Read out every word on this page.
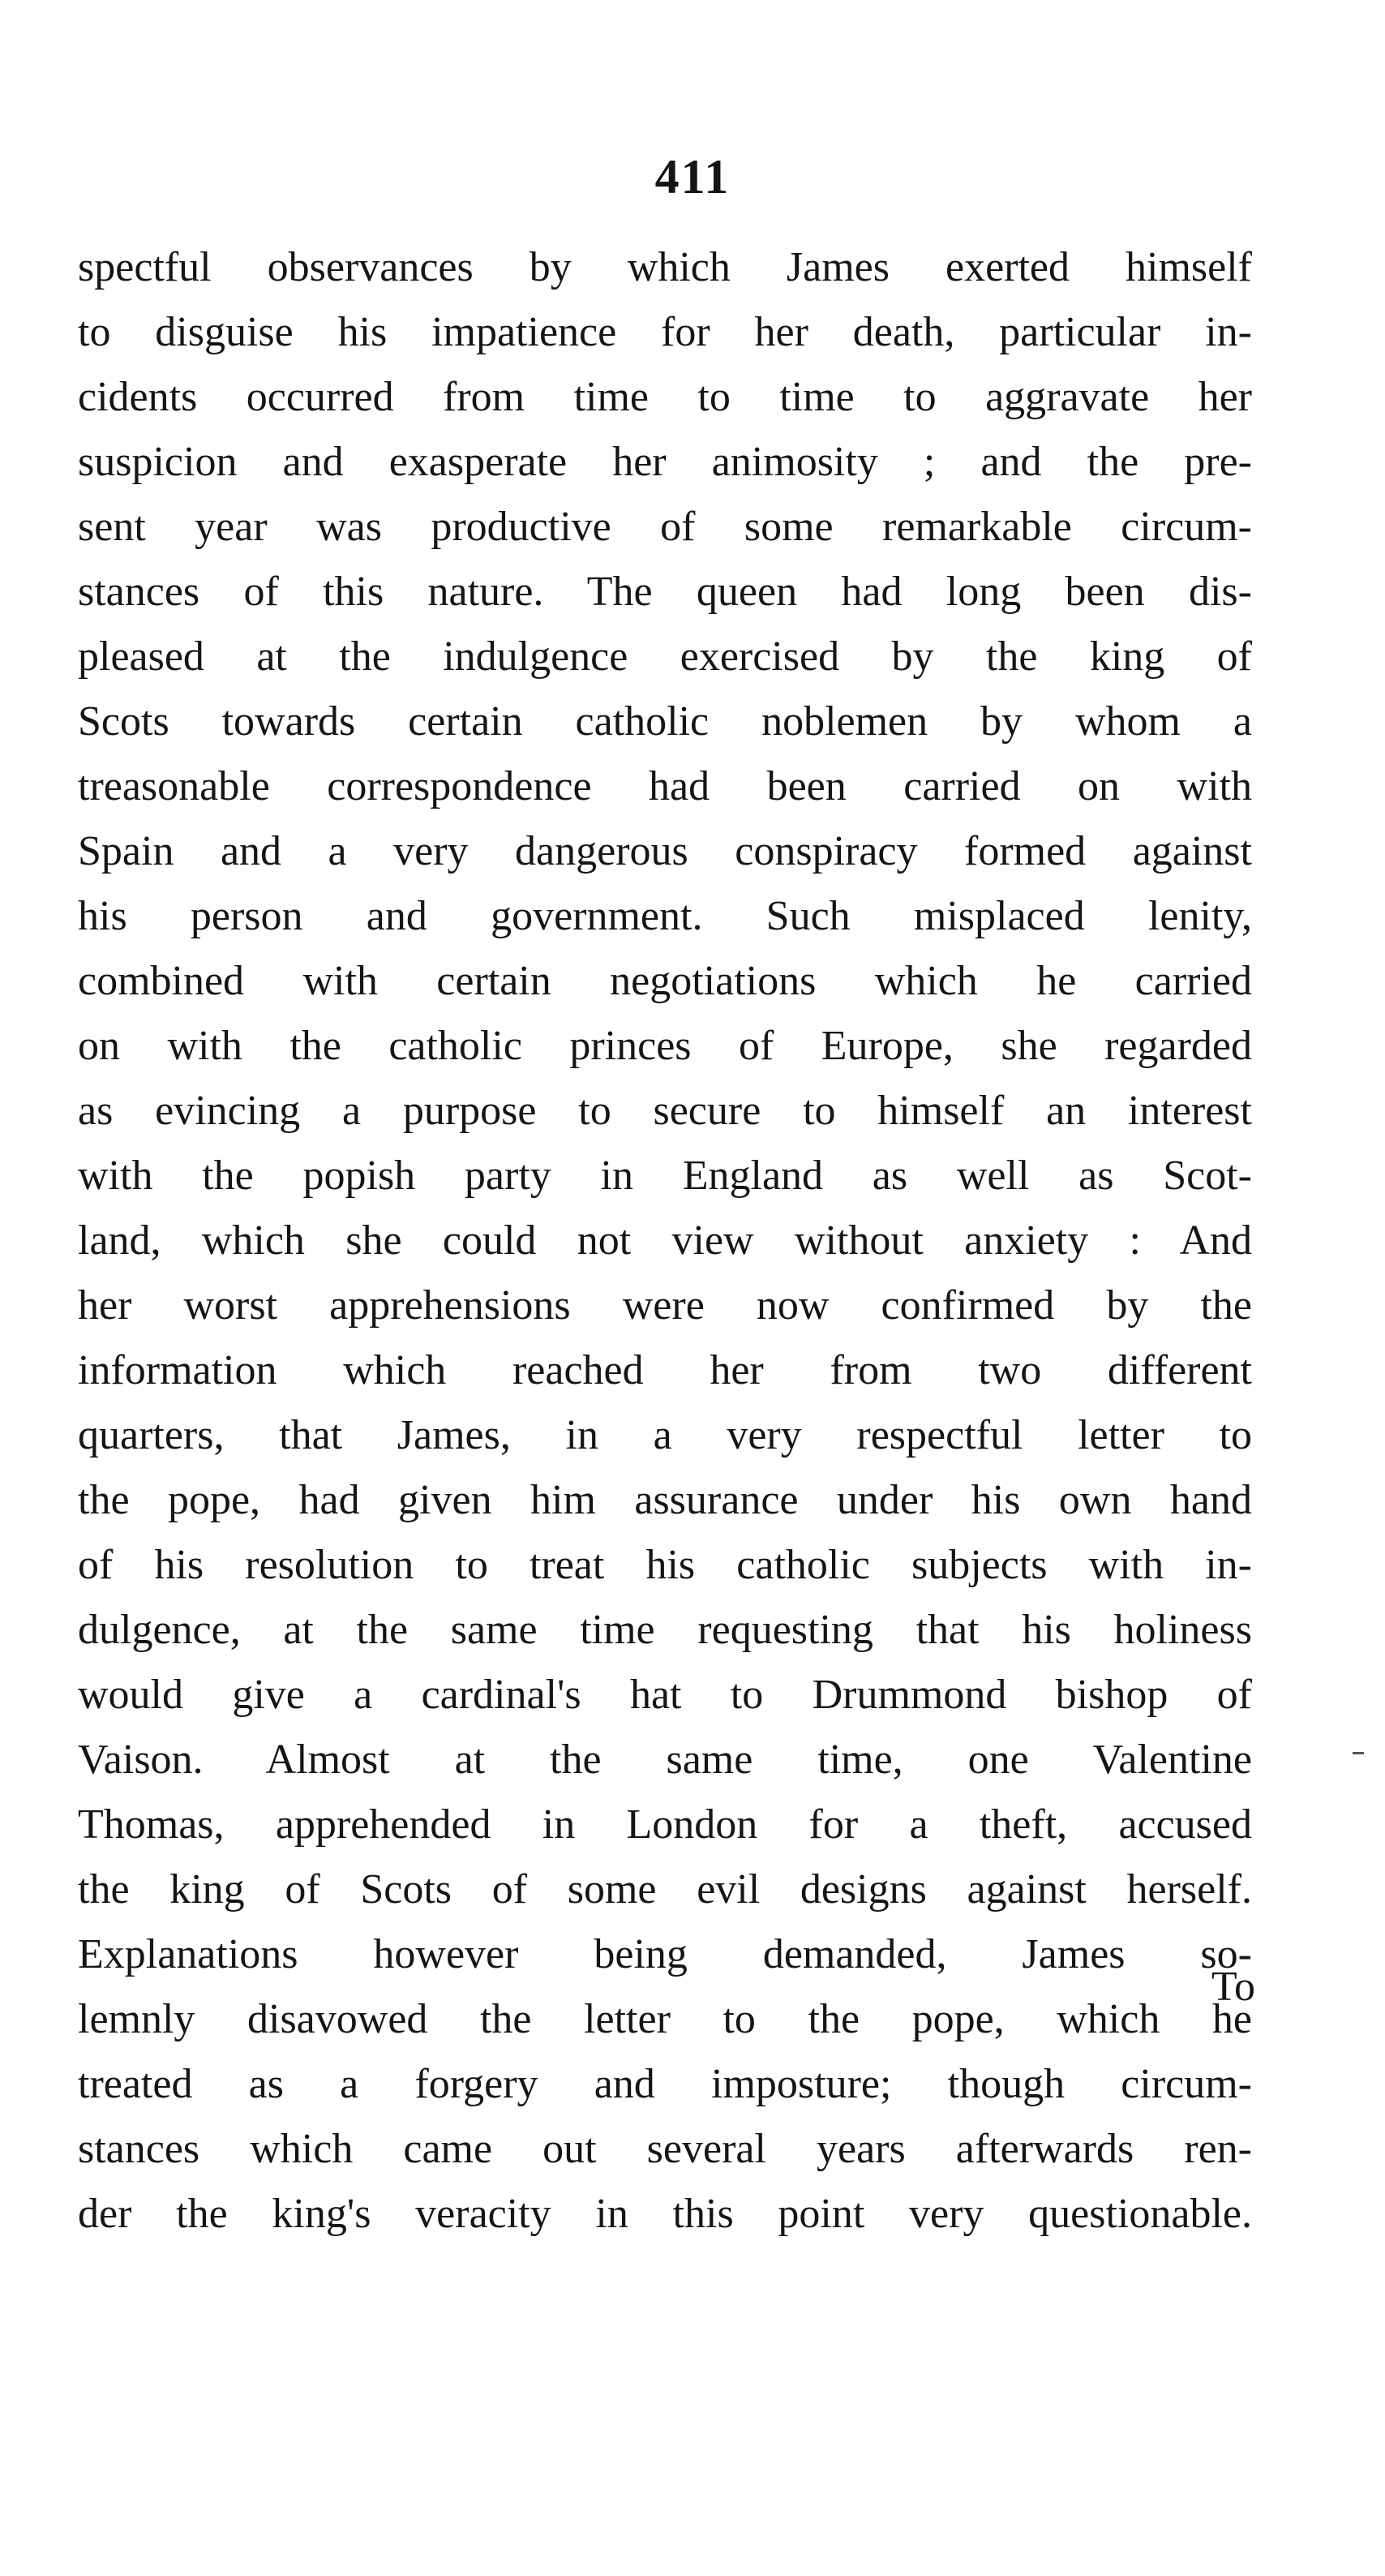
411
spectful observances by which James exerted himself
to disguise his impatience for her death, particular in-
cidents occurred from time to time to aggravate her
suspicion and exasperate her animosity ; and the pre-
sent year was productive of some remarkable circum-
stances of this nature. The queen had long been dis-
pleased at the indulgence exercised by the king of
Scots towards certain catholic noblemen by whom a
treasonable correspondence had been carried on with
Spain and a very dangerous conspiracy formed against
his person and government. Such misplaced lenity,
combined with certain negotiations which he carried
on with the catholic princes of Europe, she regarded
as evincing a purpose to secure to himself an interest
with the popish party in England as well as Scot-
land, which she could not view without anxiety : And
her worst apprehensions were now confirmed by the
information which reached her from two different
quarters, that James, in a very respectful letter to
the pope, had given him assurance under his own hand
of his resolution to treat his catholic subjects with in-
dulgence, at the same time requesting that his holiness
would give a cardinal's hat to Drummond bishop of
Vaison. Almost at the same time, one Valentine
Thomas, apprehended in London for a theft, accused
the king of Scots of some evil designs against herself.
Explanations however being demanded, James so-
lemnly disavowed the letter to the pope, which he
treated as a forgery and imposture; though circum-
stances which came out several years afterwards ren-
der the king's veracity in this point very questionable.
To
